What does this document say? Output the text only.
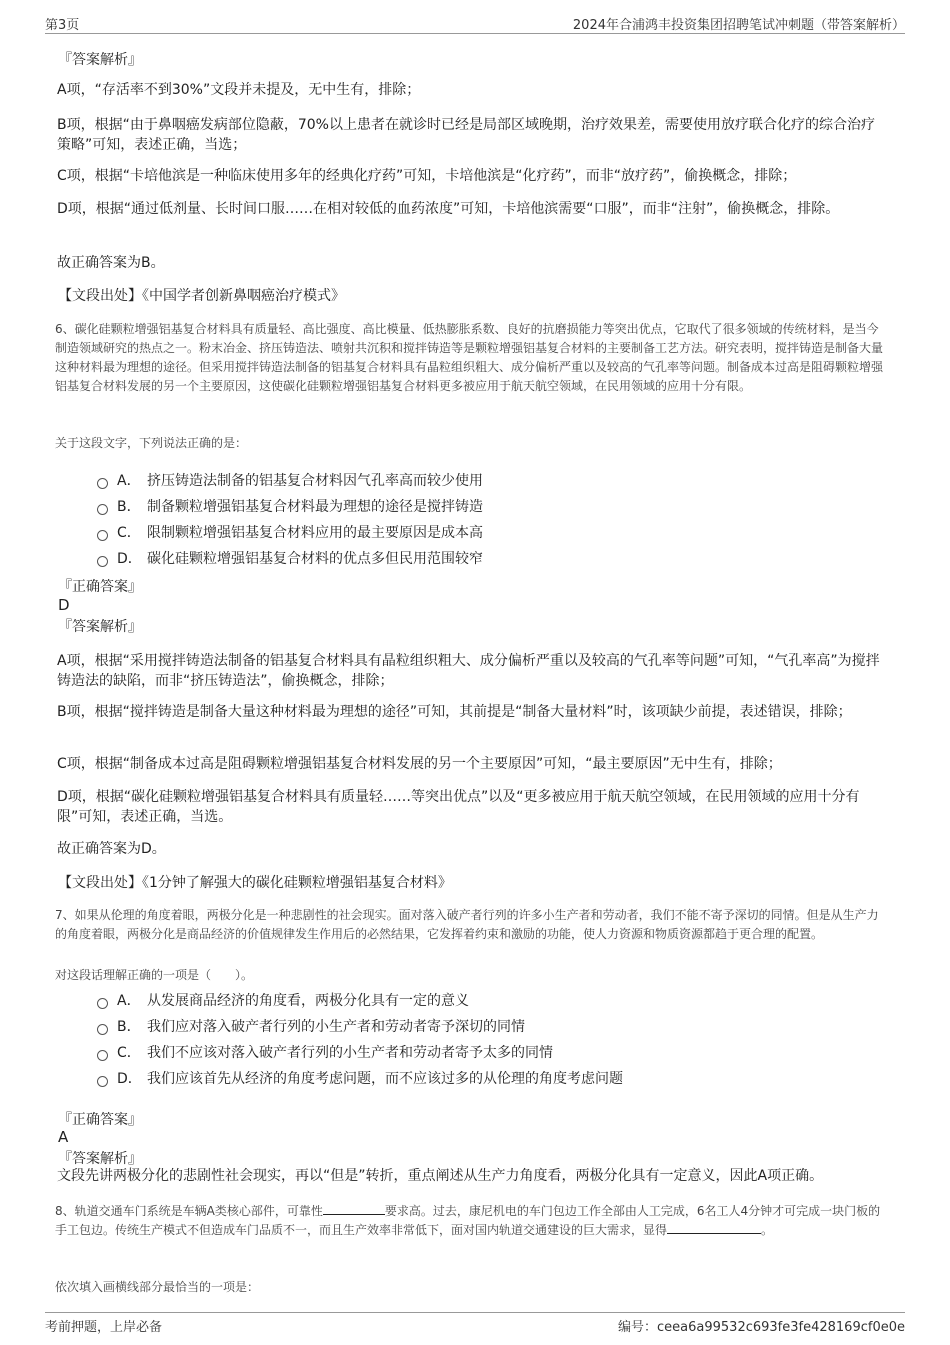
第3页	2024年合浦鸿丰投资集团招聘笔试冲刺题（带答案解析）
『答案解析』
A项，“存活率不到30%”文段并未提及，无中生有，排除；
B项，根据“由于鼻咽癌发病部位隐蔽，70%以上患者在就诊时已经是局部区域晚期，治疗效果差，需要使用放疗联合化疗的综合治疗策略”可知，表述正确，当选；
C项，根据“卡培他滨是一种临床使用多年的经典化疗药”可知，卡培他滨是“化疗药”，而非“放疗药”，偷换概念，排除；
D项，根据“通过低剂量、长时间口服……在相对较低的血药浓度”可知，卡培他滨需要“口服”，而非“注射”，偷换概念，排除。
故正确答案为B。
【文段出处】《中国学者创新鼻咽癌治疗模式》
6、碳化硅颗粒增强铝基复合材料具有质量轻、高比强度、高比模量、低热膨胀系数、良好的抗磨损能力等突出优点，它取代了很多领域的传统材料，是当今制造领域研究的热点之一。粉末冶金、挤压铸造法、喷射共沉积和搅拌铸造等是颗粒增强铝基复合材料的主要制备工艺方法。研究表明，搅拌铸造是制备大量这种材料最为理想的途径。但采用搅拌铸造法制备的铝基复合材料具有晶粒组织粗大、成分偏析严重以及较高的气孔率等问题。制备成本过高是阻碍颗粒增强铝基复合材料发展的另一个主要原因，这使碳化硅颗粒增强铝基复合材料更多被应用于航天航空领域，在民用领域的应用十分有限。
关于这段文字，下列说法正确的是：
A． 挤压铸造法制备的铝基复合材料因气孔率高而较少使用
B． 制备颗粒增强铝基复合材料最为理想的途径是搅拌铸造
C． 限制颗粒增强铝基复合材料应用的最主要原因是成本高
D． 碳化硅颗粒增强铝基复合材料的优点多但民用范围较窄
『正确答案』
D
『答案解析』
A项，根据“采用搅拌铸造法制备的铝基复合材料具有晶粒组织粗大、成分偏析严重以及较高的气孔率等问题”可知，“气孔率高”为搅拌铸造法的缺陷，而非“挤压铸造法”，偷换概念，排除；
B项，根据“搅拌铸造是制备大量这种材料最为理想的途径”可知，其前提是“制备大量材料”时，该项缺少前提，表述错误，排除；
C项，根据“制备成本过高是阻碍颗粒增强铝基复合材料发展的另一个主要原因”可知，“最主要原因”无中生有，排除；
D项，根据“碳化硅颗粒增强铝基复合材料具有质量轻……等突出优点”以及“更多被应用于航天航空领域，在民用领域的应用十分有限”可知，表述正确，当选。
故正确答案为D。
【文段出处】《1分钟了解强大的碳化硅颗粒增强铝基复合材料》
7、如果从伦理的角度着眼，两极分化是一种悲剧性的社会现实。面对落入破产者行列的许多小生产者和劳动者，我们不能不寄予深切的同情。但是从生产力的角度着眼，两极分化是商品经济的价值规律发生作用后的必然结果，它发挥着约束和激励的功能，使人力资源和物质资源都趋于更合理的配置。
对这段话理解正确的一项是（　　）。
A． 从发展商品经济的角度看，两极分化具有一定的意义
B． 我们应对落入破产者行列的小生产者和劳动者寄予深切的同情
C． 我们不应该对落入破产者行列的小生产者和劳动者寄予太多的同情
D． 我们应该首先从经济的角度考虑问题，而不应该过多的从伦理的角度考虑问题
『正确答案』
A
『答案解析』
文段先讲两极分化的悲剧性社会现实，再以“但是”转折，重点阐述从生产力角度看，两极分化具有一定意义，因此A项正确。
8、轨道交通车门系统是车辆A类核心部件，可靠性	要求高。过去，康尼机电的车门包边工作全部由人工完成，6名工人4分钟才可完成一块门板的手工包边。传统生产模式不但造成车门品质不一，而且生产效率非常低下，面对国内轨道交通建设的巨大需求，显得	。
依次填入画横线部分最恰当的一项是：
考前押题，上岸必备	编号：ceea6a99532c693fe3fe428169cf0e0e
